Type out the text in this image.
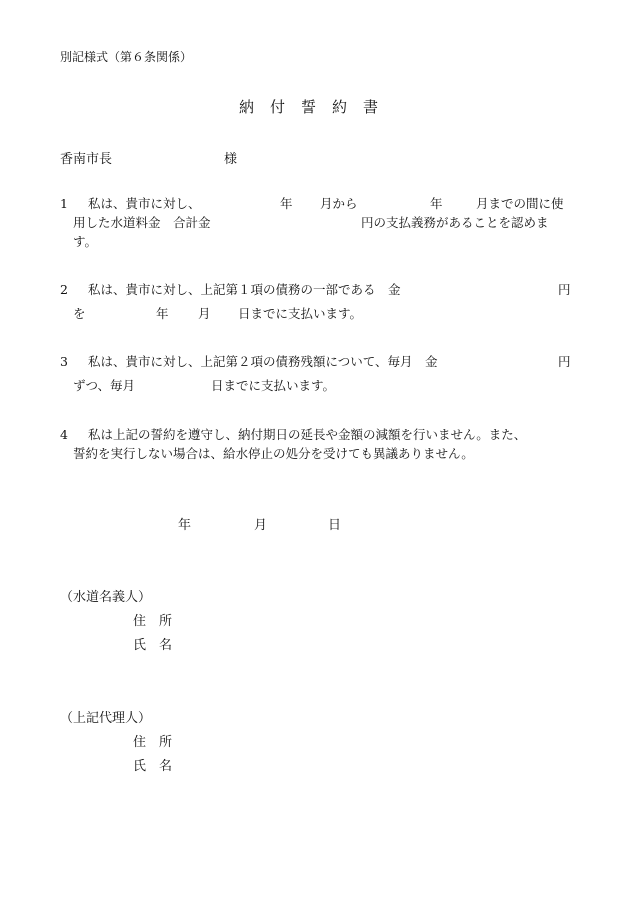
別記様式（第６条関係）
納付誓約書
香南市長	様
1 私は、貴市に対し、	年 月から	年	月までの間に使
用した水道料金　合計金	円の支払義務があることを認めま
す。
2 私は、貴市に対し、上記第１項の債務の一部である　金	円
を	年 月 日までに支払います。
3 私は、貴市に対し、上記第２項の債務残額について、毎月　金	円
ずつ、毎月	日までに支払います。
4 私は上記の誓約を遵守し、納付期日の延長や金額の減額を行いません。また、
誓約を実行しない場合は、給水停止の処分を受けても異議ありません。
年	月	日
（水道名義人）
住　所
氏　名
（上記代理人）
住　所
氏　名
